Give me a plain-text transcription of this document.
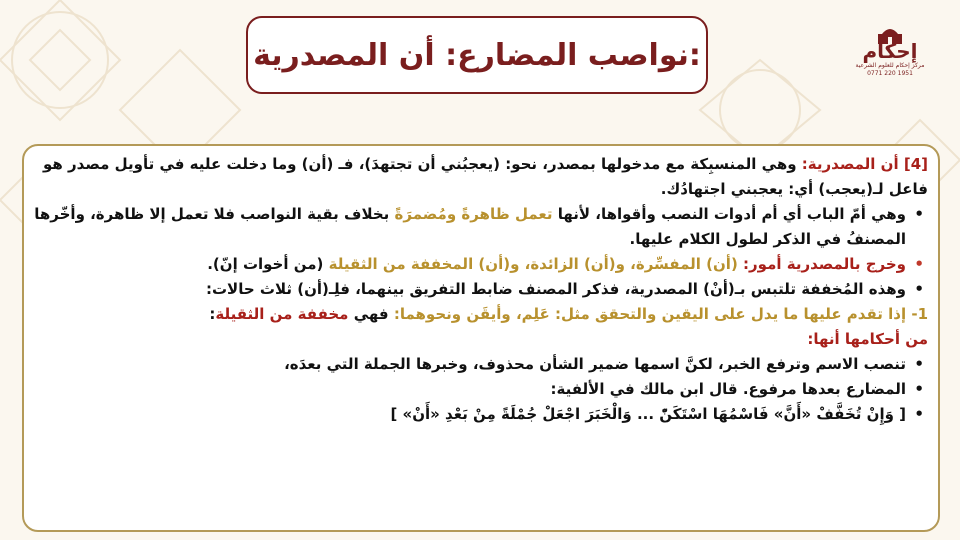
نواصب المضارع: أن المصدرية:	إحكام
مركز إحكام للعلوم الشرعية
0771 220 1951

[4] أن المصدرية: وهي المنسبِكة مع مدخولها بمصدر، نحو: (يعجبُني أن تجتهدَ)، فـ (أن) وما دخلت عليه في تأويل مصدر هو فاعل لـ(يعجب) أي: يعجبني اجتهادُك.

• وهي أمّ الباب أي أم أدوات النصب وأقواها، لأنها تعمل ظاهرةً ومُضمرَةً بخلاف بقية النواصب فلا تعمل إلا ظاهرة، وأخّرها المصنفُ في الذكر لطول الكلام عليها.

• وخرج بالمصدرية أمور: (أن) المفسِّرة، و(أن) الزائدة، و(أن) المخففة من الثقيلة (من أخوات إنّ).

• وهذه المُخففة تلتبس بـ(أنْ) المصدرية، فذكر المصنف ضابط التفريق بينهما، فلِـ(أن) ثلاث حالات:

1- إذا تقدم عليها ما يدل على اليقين والتحقق مثل: عَلِم، وأيقَن ونحوهما: فهي مخففة من الثقيلة:

من أحكامها أنها:

• تنصب الاسم وترفع الخبر، لكنَّ اسمها ضمير الشأن محذوف، وخبرها الجملة التي بعدَه،

• المضارع بعدها مرفوع. قال ابن مالك في الألفية:

• [ وَإِنْ تُخَفَّفْ «أَنَّ» فَاسْمُهَا اسْتَكَنّْ ... وَالْخَبَرَ اجْعَلْ جُمْلَةً مِنْ بَعْدِ «أَنْ» ]
